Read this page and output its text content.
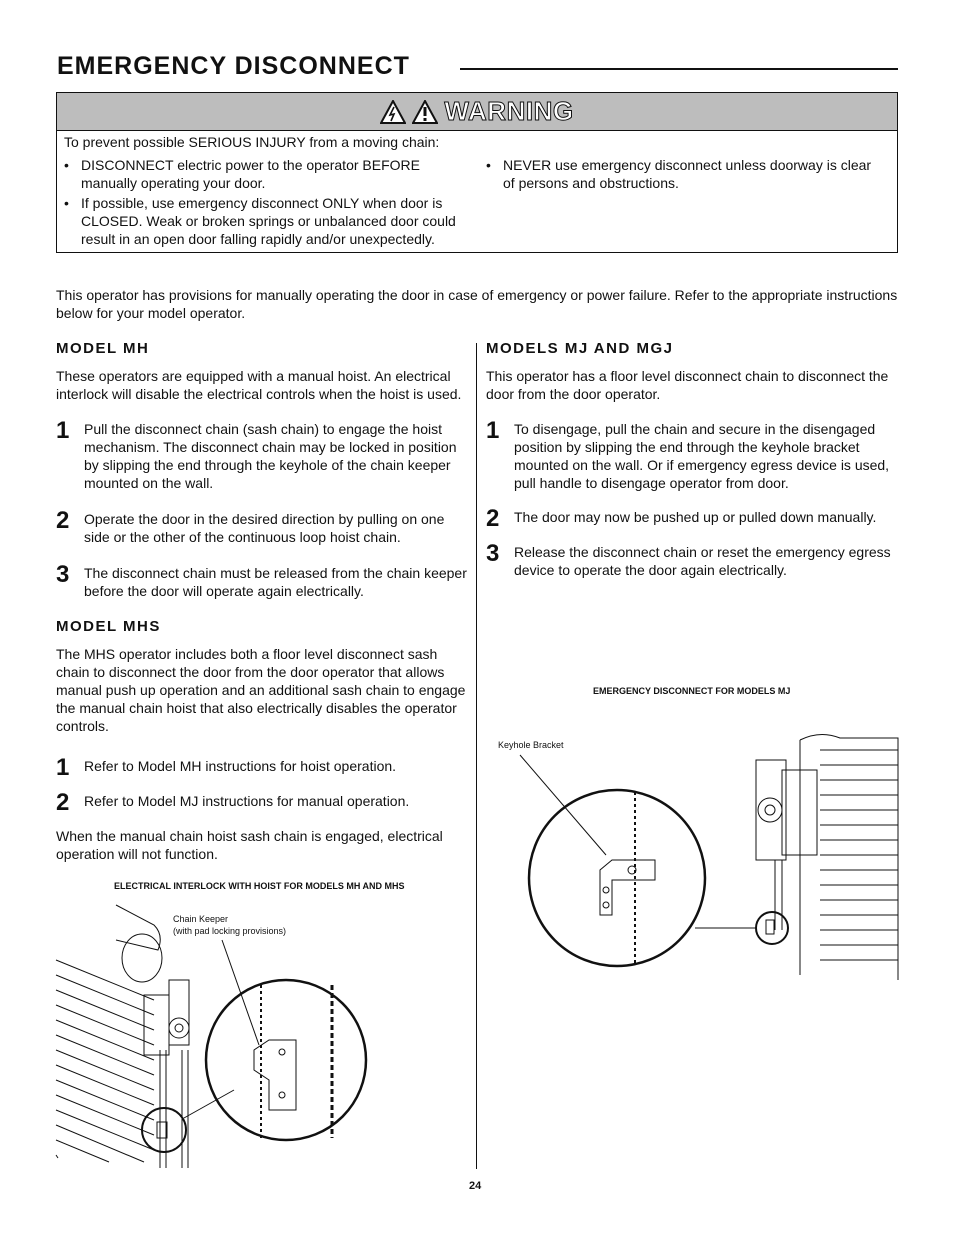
EMERGENCY DISCONNECT
WARNING
To prevent possible SERIOUS INJURY from a moving chain:
• DISCONNECT electric power to the operator BEFORE manually operating your door.
• If possible, use emergency disconnect ONLY when door is CLOSED. Weak or broken springs or unbalanced door could result in an open door falling rapidly and/or unexpectedly.
• NEVER use emergency disconnect unless doorway is clear of persons and obstructions.
This operator has provisions for manually operating the door in case of emergency or power failure. Refer to the appropriate instructions below for your model operator.
MODEL MH
These operators are equipped with a manual hoist. An electrical interlock will disable the electrical controls when the hoist is used.
1	Pull the disconnect chain (sash chain) to engage the hoist mechanism. The disconnect chain may be locked in position by slipping the end through the keyhole of the chain keeper mounted on the wall.
2	Operate the door in the desired direction by pulling on one side or the other of the continuous loop hoist chain.
3	The disconnect chain must be released from the chain keeper before the door will operate again electrically.
MODEL MHS
The MHS operator includes both a floor level disconnect sash chain to disconnect the door from the door operator that allows manual push up operation and an additional sash chain to engage the manual chain hoist that also electrically disables the operator controls.
1	Refer to Model MH instructions for hoist operation.
2	Refer to Model MJ instructions for manual operation.
When the manual chain hoist sash chain is engaged, electrical operation will not function.
ELECTRICAL INTERLOCK WITH HOIST FOR MODELS MH AND MHS
Chain Keeper
(with pad locking provisions)
MODELS MJ AND MGJ
This operator has a floor level disconnect chain to disconnect the door from the door operator.
1	To disengage, pull the chain and secure in the disengaged position by slipping the end through the keyhole bracket mounted on the wall. Or if emergency egress device is used, pull handle to disengage operator from door.
2	The door may now be pushed up or pulled down manually.
3	Release the disconnect chain or reset the emergency egress device to operate the door again electrically.
EMERGENCY DISCONNECT FOR MODELS MJ
Keyhole Bracket
24
